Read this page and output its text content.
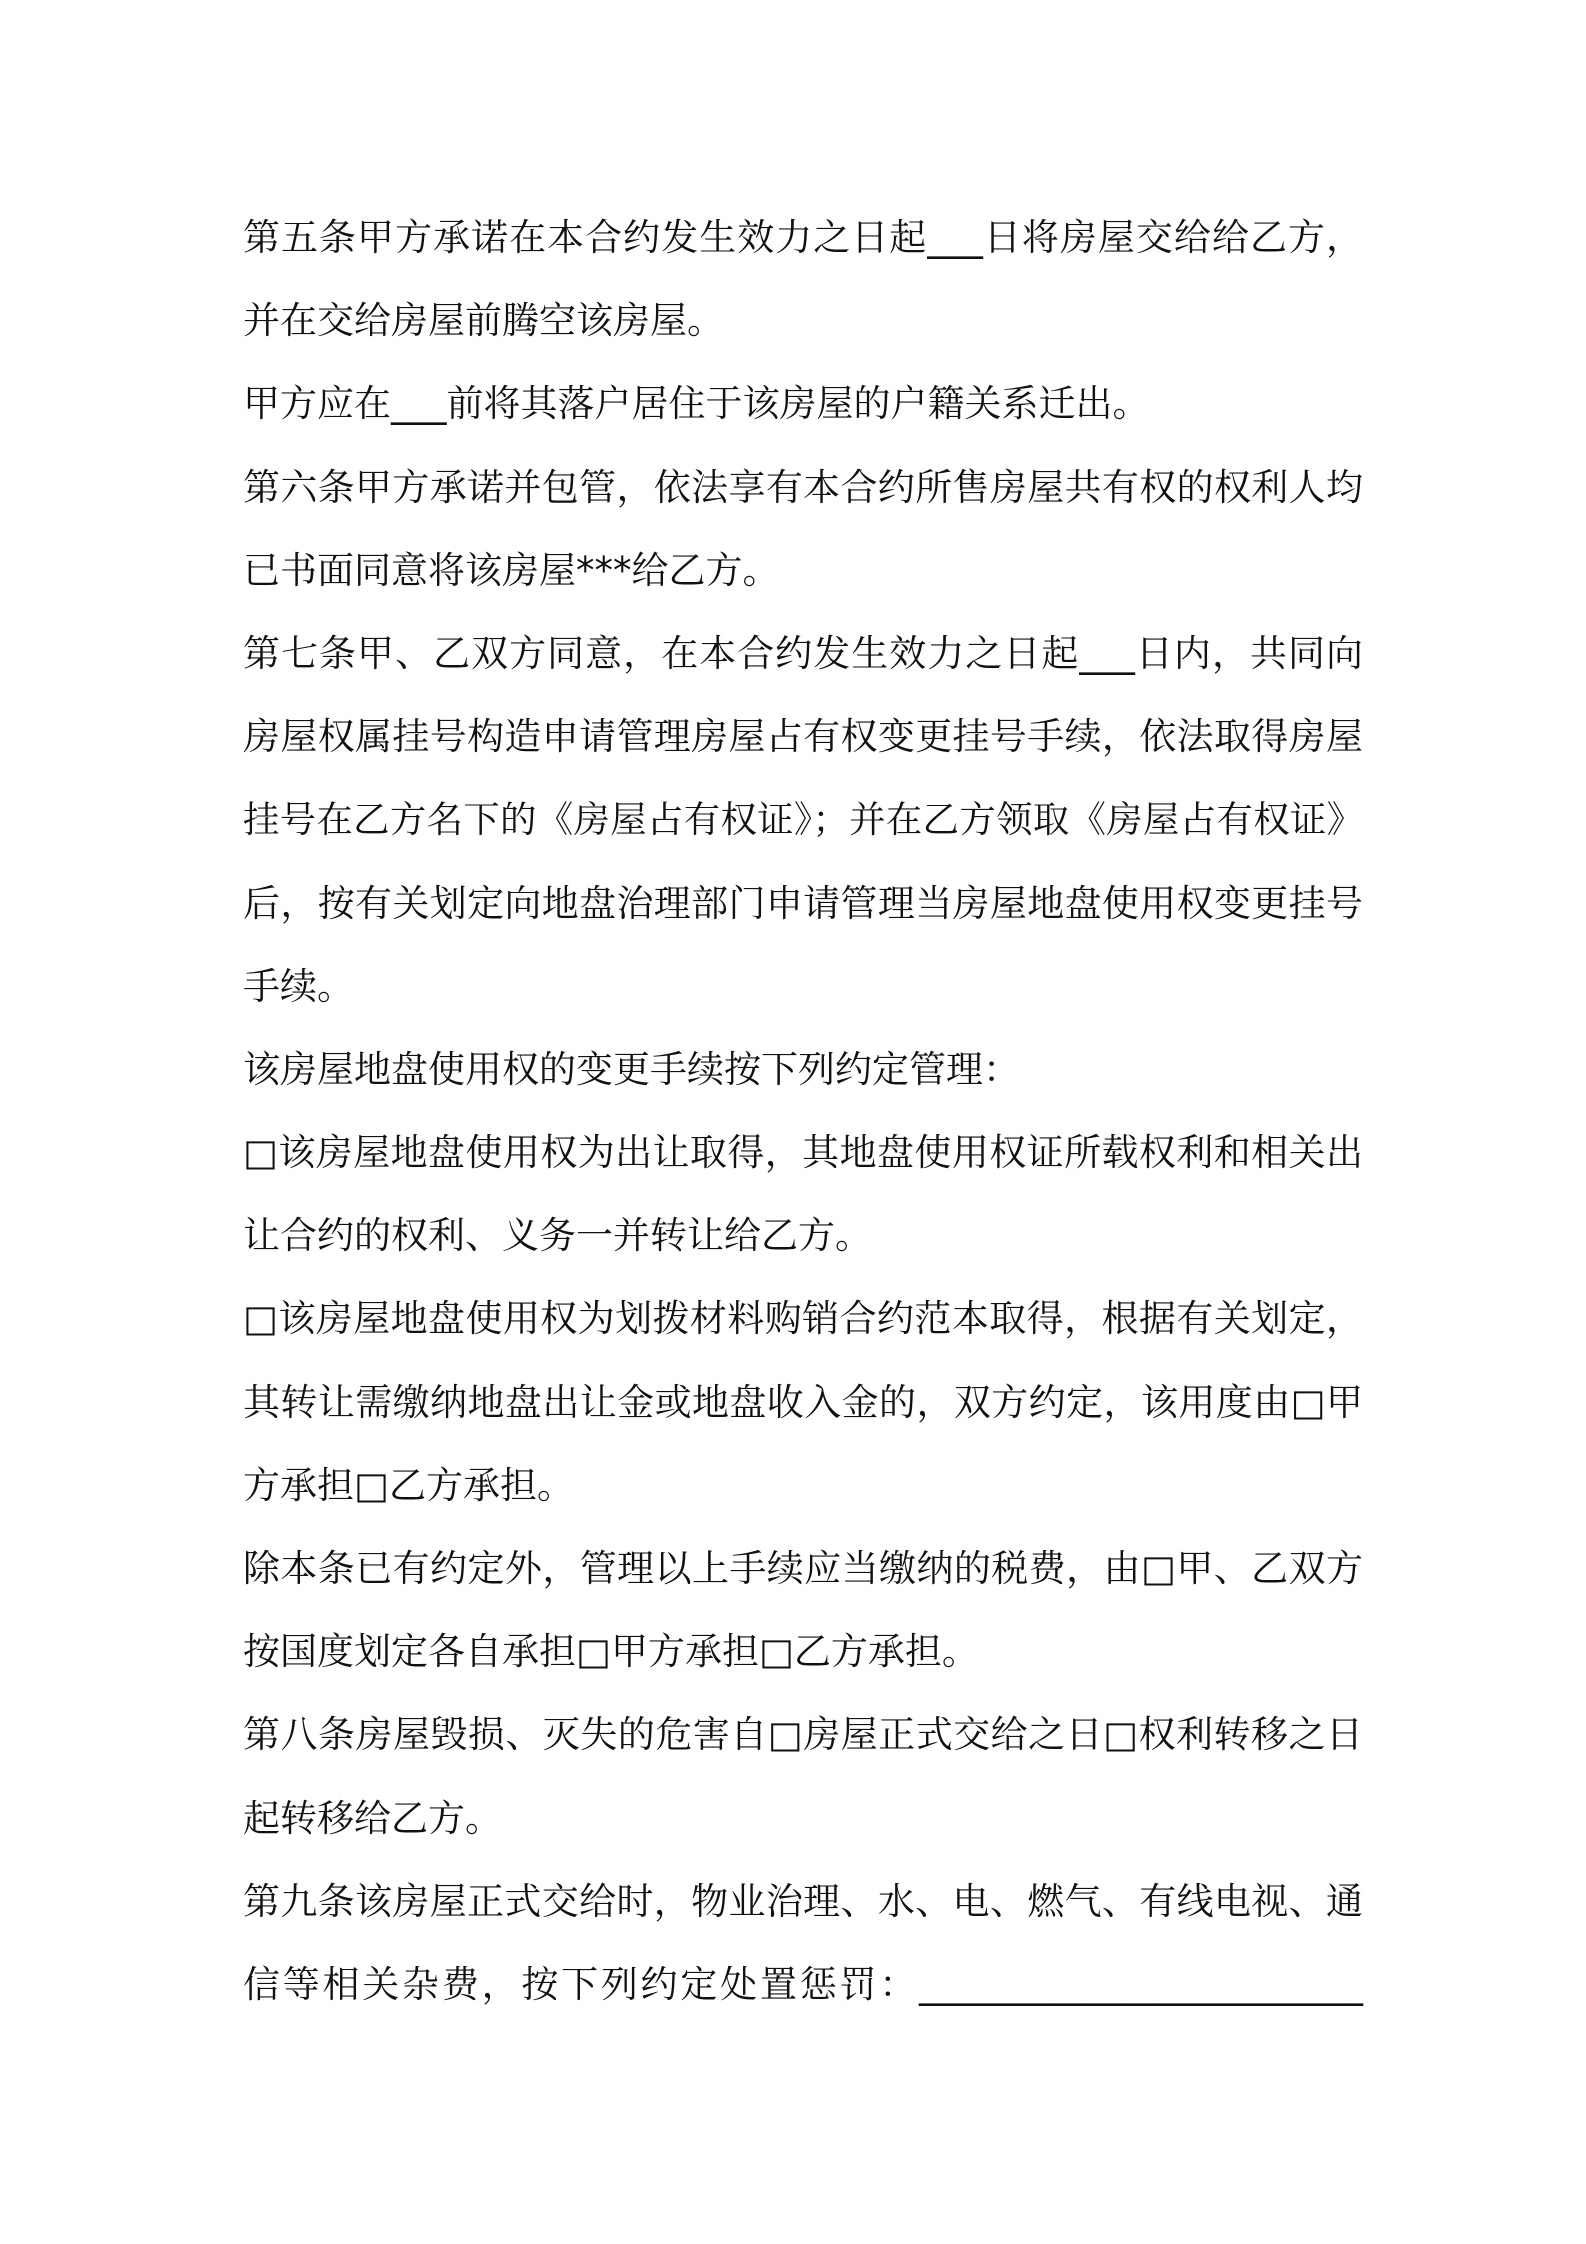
第五条甲方承诺在本合约发生效力之日起___日将房屋交给给乙方，
并在交给房屋前腾空该房屋。
甲方应在___前将其落户居住于该房屋的户籍关系迁出。
第六条甲方承诺并包管，依法享有本合约所售房屋共有权的权利人均
已书面同意将该房屋***给乙方。
第七条甲、乙双方同意，在本合约发生效力之日起___日内，共同向
房屋权属挂号构造申请管理房屋占有权变更挂号手续，依法取得房屋
挂号在乙方名下的《房屋占有权证》；并在乙方领取《房屋占有权证》
后，按有关划定向地盘治理部门申请管理当房屋地盘使用权变更挂号
手续。
该房屋地盘使用权的变更手续按下列约定管理：
□该房屋地盘使用权为出让取得，其地盘使用权证所载权利和相关出
让合约的权利、义务一并转让给乙方。
□该房屋地盘使用权为划拨材料购销合约范本取得，根据有关划定，
其转让需缴纳地盘出让金或地盘收入金的，双方约定，该用度由□甲
方承担□乙方承担。
除本条已有约定外，管理以上手续应当缴纳的税费，由□甲、乙双方
按国度划定各自承担□甲方承担□乙方承担。
第八条房屋毁损、灭失的危害自□房屋正式交给之日□权利转移之日
起转移给乙方。
第九条该房屋正式交给时，物业治理、水、电、燃气、有线电视、通
信等相关杂费，按下列约定处置惩罚：________________________
